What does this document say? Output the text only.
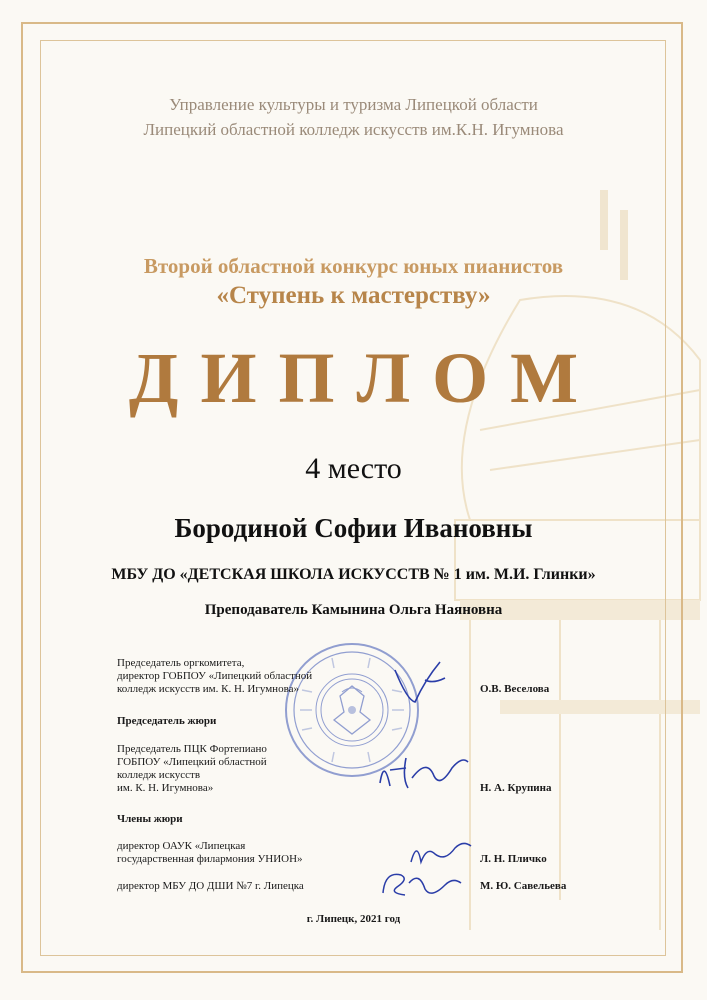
Управление культуры и туризма Липецкой области
Липецкий областной колледж искусств им.К.Н. Игумнова
Второй областной конкурс юных пианистов
«Ступень к мастерству»
ДИПЛОМ
4 место
Бородиной Софии Ивановны
МБУ ДО «ДЕТСКАЯ ШКОЛА ИСКУССТВ № 1 им. М.И. Глинки»
Преподаватель Камынина Ольга Наяновна
Председатель оргкомитета,
директор ГОБПОУ «Липецкий областной
колледж искусств им. К. Н. Игумнова»	О.В. Веселова
Председатель жюри
Председатель ПЦК Фортепиано
ГОБПОУ «Липецкий областной
колледж искусств
им. К. Н. Игумнова»	Н. А. Крупина
Члены жюри
директор ОАУК «Липецкая
государственная филармония УНИОН»	Л. Н. Пличко
директор МБУ ДО ДШИ №7 г. Липецка	М. Ю. Савельева
г. Липецк, 2021 год
